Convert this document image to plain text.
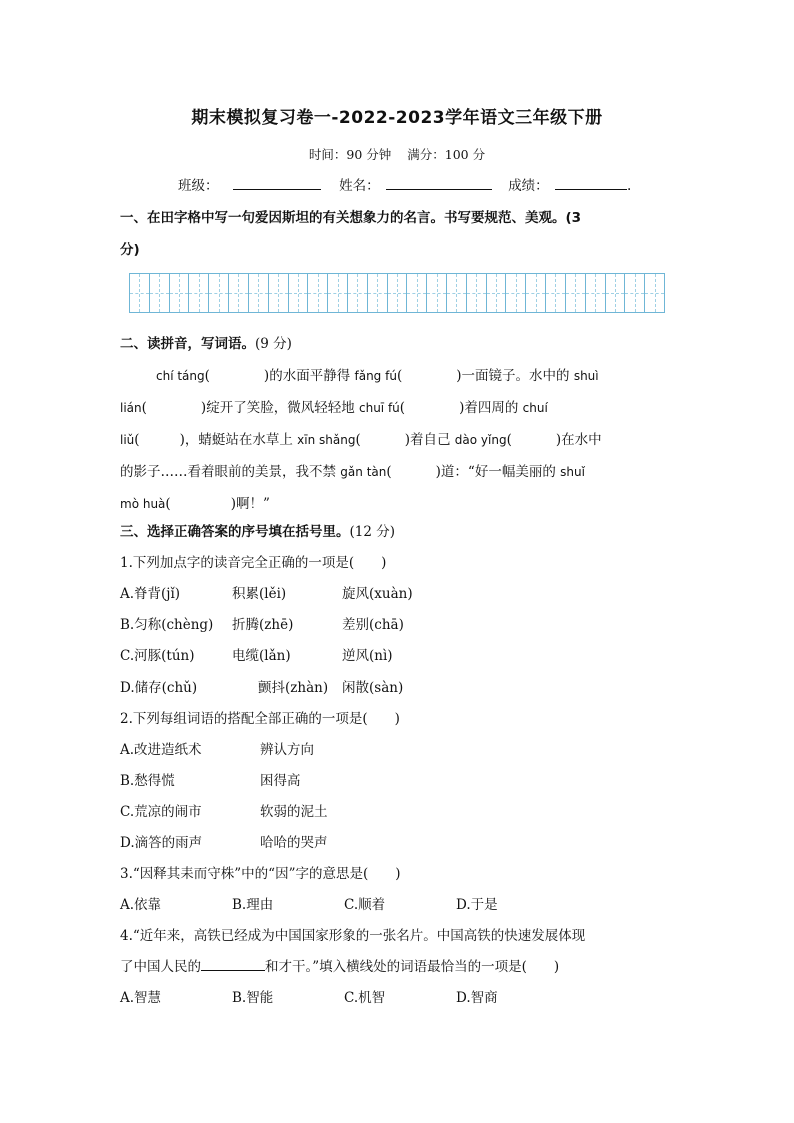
期末模拟复习卷一-2022-2023学年语文三年级下册
时间：90 分钟 满分：100 分
班级：	姓名：	成绩：	.
一、在田字格中写一句爱因斯坦的有关想象力的名言。书写要规范、美观。(3
分)
二、读拼音，写词语。(9 分)
chí táng(	)的水面平静得 fǎng fú(	)一面镜子。水中的 shuì
lián(	)绽开了笑脸，微风轻轻地 chuī fú(	)着四周的 chuí
liǔ(	)，蜻蜓站在水草上 xīn shǎng(	)着自己 dào yǐng(	)在水中
的影子……看着眼前的美景，我不禁 gǎn tàn(	)道：“好一幅美丽的 shuǐ
mò huà(	)啊！”
三、选择正确答案的序号填在括号里。(12 分)
1.下列加点字的读音完全正确的一项是(　　)
A.脊背(jǐ)	积累(lěi)	旋风(xuàn)
B.匀称(chèng) 折腾(zhē)	差别(chā)
C.河豚(tún)	电缆(lǎn)	逆风(nì)
D.储存(chǔ)	颤抖(zhàn) 闲散(sàn)
2.下列每组词语的搭配全部正确的一项是(　　)
A.改进造纸术	辨认方向
B.愁得慌	困得高
C.荒凉的闹市	软弱的泥土
D.滴答的雨声	哈哈的哭声
3.“因释其耒而守株”中的“因”字的意思是(　　)
A.依靠	B.理由	C.顺着	D.于是
4.“近年来，高铁已经成为中国国家形象的一张名片。中国高铁的快速发展体现
了中国人民的	和才干。”填入横线处的词语最恰当的一项是(　　)
A.智慧	B.智能	C.机智	D.智商
